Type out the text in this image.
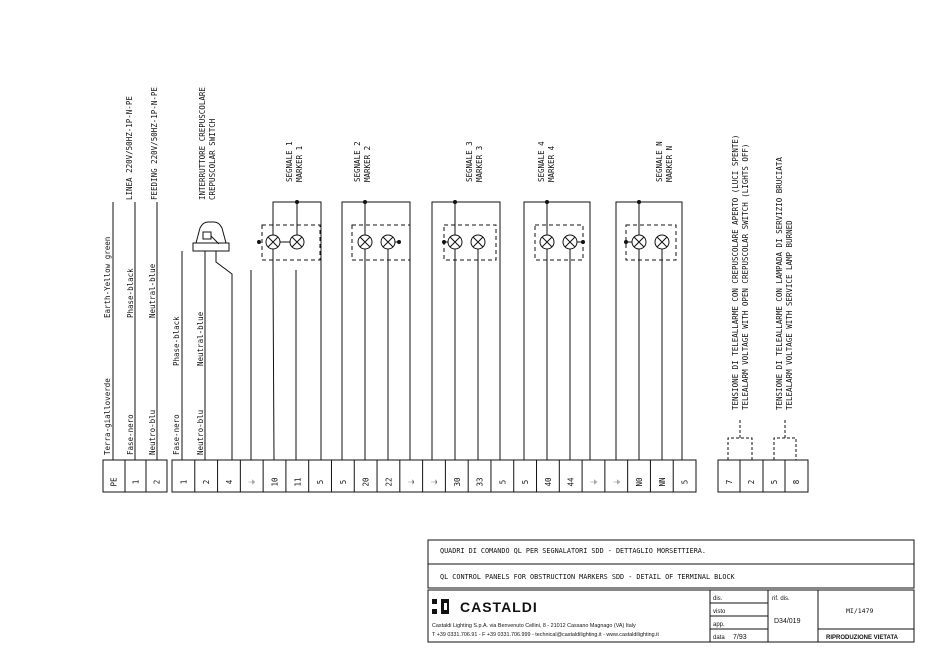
LINEA 220V/50HZ-1P-N-PE FEEDING 220V/50HZ-1P-N-PE	INTERRUTTORE CREPUSCOLARE CREPUSCOLAR SWITCH	SEGNALE 1 MARKER 1	SEGNALE 2 MARKER 2	SEGNALE 3 MARKER 3	SEGNALE 4 MARKER 4	SEGNALE N MARKER N	TENSIONE DI TELEALLARME CON CREPUSCOLARE APERTO (LUCI SPENTE) TELEALARM VOLTAGE WITH OPEN CREPUSCOLAR SWITCH (LIGHTS OFF)	TENSIONE DI TELEALLARME CON LAMPADA DI SERVIZIO BRUCIATA TELEALARM VOLTAGE WITH SERVICE LAMP BURNED
Earth-Yellow green Phase-black Neutral-blue
Terra-gialloverde Fase-nero Neutro-blu
Phase-black Neutral-blue
Fase-nero Neutro-blu
1 2 4 ⏚ 10 11 5 5 20 22 ⏚ ⏚ 30 33 5 5 40 44 ⏚ ⏚ N0 NN 5
PE 1 2	7 2 5 8
QUADRI DI COMANDO QL PER SEGNALATORI SDD - DETTAGLIO MORSETTIERA.
QL CONTROL PANELS FOR OBSTRUCTION MARKERS SDD - DETAIL OF TERMINAL BLOCK
CASTALDI
Castaldi Lighting S.p.A. via Benvenuto Cellini, 8 - 21012 Cassano Magnago (VA) Italy
T +39 0331.706.91 - F +39 0331.706.999 - technical@castaldilighting.it - www.castaldilighting.it
dis.
visto
app.
data 7/93
rif. dis.
D34/019
MI/1479
RIPRODUZIONE VIETATA
